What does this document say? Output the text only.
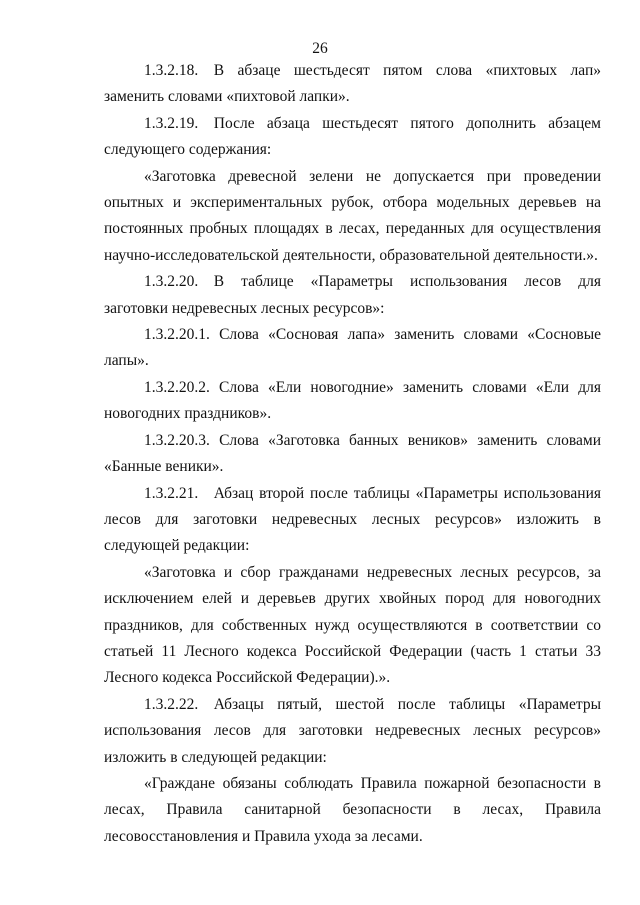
26

1.3.2.18. В абзаце шестьдесят пятом слова «пихтовых лап» заменить словами «пихтовой лапки».

1.3.2.19. После абзаца шестьдесят пятого дополнить абзацем следующего содержания:

«Заготовка древесной зелени не допускается при проведении опытных и экспериментальных рубок, отбора модельных деревьев на постоянных пробных площадях в лесах, переданных для осуществления научно-исследовательской деятельности, образовательной деятельности.».

1.3.2.20. В таблице «Параметры использования лесов для заготовки недревесных лесных ресурсов»:

1.3.2.20.1. Слова «Сосновая лапа» заменить словами «Сосновые лапы».

1.3.2.20.2. Слова «Ели новогодние» заменить словами «Ели для новогодних праздников».

1.3.2.20.3. Слова «Заготовка банных веников» заменить словами «Банные веники».

1.3.2.21. Абзац второй после таблицы «Параметры использования лесов для заготовки недревесных лесных ресурсов» изложить в следующей редакции:

«Заготовка и сбор гражданами недревесных лесных ресурсов, за исключением елей и деревьев других хвойных пород для новогодних праздников, для собственных нужд осуществляются в соответствии со статьей 11 Лесного кодекса Российской Федерации (часть 1 статьи 33 Лесного кодекса Российской Федерации).».

1.3.2.22. Абзацы пятый, шестой после таблицы «Параметры использования лесов для заготовки недревесных лесных ресурсов» изложить в следующей редакции:

«Граждане обязаны соблюдать Правила пожарной безопасности в лесах, Правила санитарной безопасности в лесах, Правила лесовосстановления и Правила ухода за лесами.
